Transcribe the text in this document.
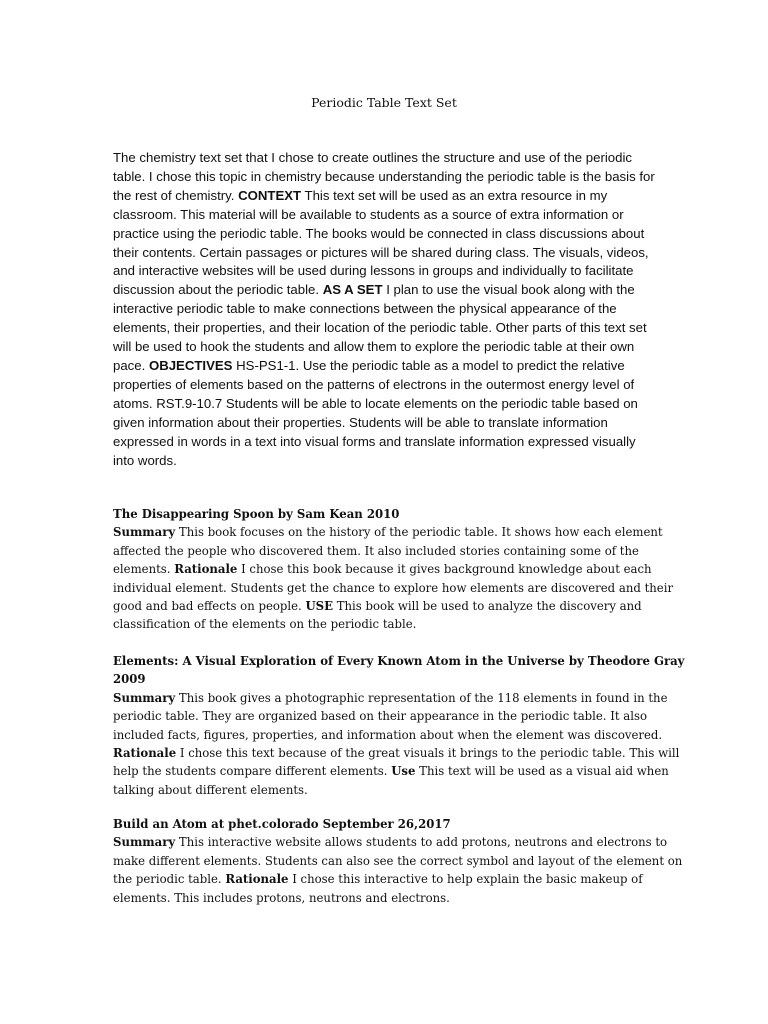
Periodic Table Text Set

The chemistry text set that I chose to create outlines the structure and use of the periodic table. I chose this topic in chemistry because understanding the periodic table is the basis for the rest of chemistry. CONTEXT This text set will be used as an extra resource in my classroom. This material will be available to students as a source of extra information or practice using the periodic table. The books would be connected in class discussions about their contents. Certain passages or pictures will be shared during class. The visuals, videos, and interactive websites will be used during lessons in groups and individually to facilitate discussion about the periodic table. AS A SET I plan to use the visual book along with the interactive periodic table to make connections between the physical appearance of the elements, their properties, and their location of the periodic table. Other parts of this text set will be used to hook the students and allow them to explore the periodic table at their own pace. OBJECTIVES HS-PS1-1. Use the periodic table as a model to predict the relative properties of elements based on the patterns of electrons in the outermost energy level of atoms. RST.9-10.7 Students will be able to locate elements on the periodic table based on given information about their properties. Students will be able to translate information expressed in words in a text into visual forms and translate information expressed visually into words.

The Disappearing Spoon by Sam Kean 2010

Summary This book focuses on the history of the periodic table. It shows how each element affected the people who discovered them. It also included stories containing some of the elements. Rationale I chose this book because it gives background knowledge about each individual element. Students get the chance to explore how elements are discovered and their good and bad effects on people. USE This book will be used to analyze the discovery and classification of the elements on the periodic table.

Elements: A Visual Exploration of Every Known Atom in the Universe by Theodore Gray 2009

Summary This book gives a photographic representation of the 118 elements in found in the periodic table. They are organized based on their appearance in the periodic table. It also included facts, figures, properties, and information about when the element was discovered. Rationale I chose this text because of the great visuals it brings to the periodic table. This will help the students compare different elements. Use This text will be used as a visual aid when talking about different elements.

Build an Atom at phet.colorado September 26,2017

Summary This interactive website allows students to add protons, neutrons and electrons to make different elements. Students can also see the correct symbol and layout of the element on the periodic table. Rationale I chose this interactive to help explain the basic makeup of elements. This includes protons, neutrons and electrons.
